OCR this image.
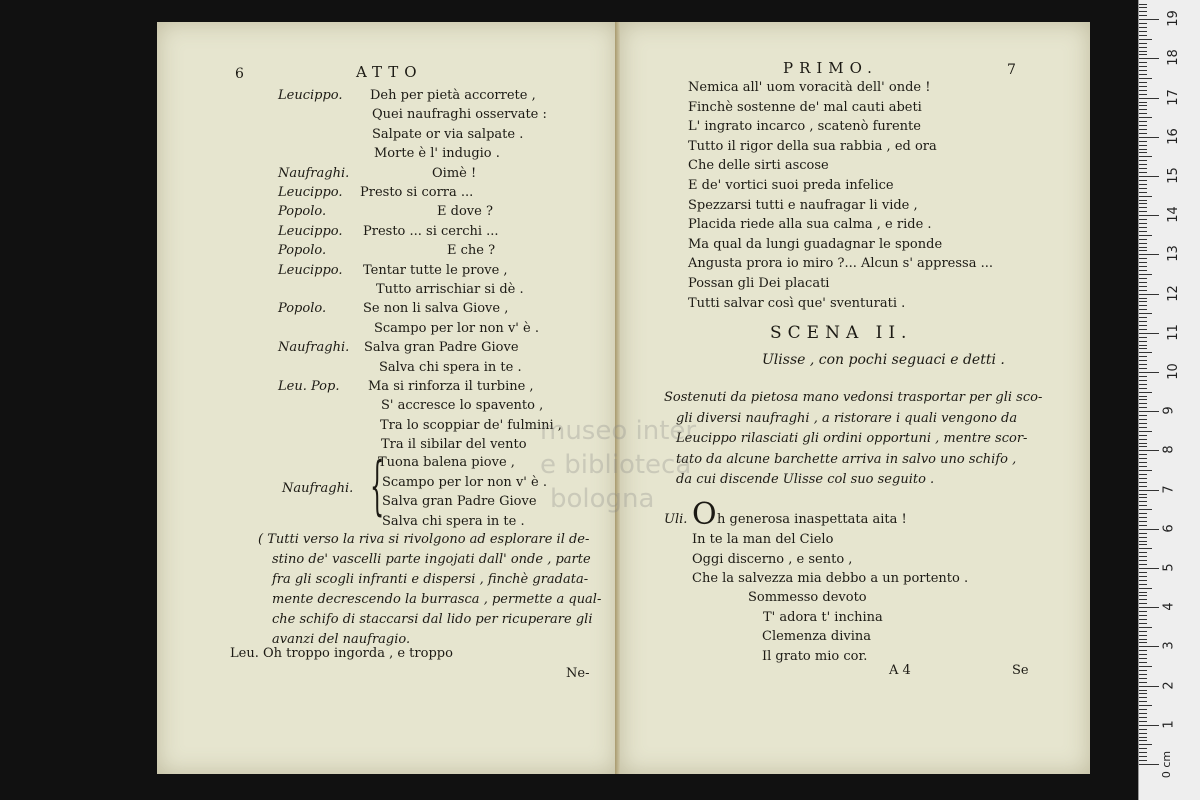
6	ATTO
Leucippo. Deh per pietà accorrete ,
Quei naufraghi osservate :
Salpate or via salpate .
Morte è l' indugio .
Naufraghi.	Oimè !
Leucippo. Presto si corra ...
Popolo.	E dove ?
Leucippo. Presto ... si cerchi ...
Popolo.	E che ?
Leucippo. Tentar tutte le prove ,
Tutto arrischiar si dè .
Popolo.	Se non li salva Giove ,
Scampo per lor non v' è .
Naufraghi. Salva gran Padre Giove
Salva chi spera in te .
Leu. Pop. Ma si rinforza il turbine ,
S' accresce lo spavento ,
Tra lo scoppiar de' fulmini ,
Tra il sibilar del vento
{
Tuona balena piove ,
Scampo per lor non v' è .
Salva gran Padre Giove
Salva chi spera in te .
Naufraghi.
( Tutti verso la riva si rivolgono ad esplorare il de-
stino de' vascelli parte ingojati dall' onde , parte
fra gli scogli infranti e dispersi , finchè gradata-
mente decrescendo la burrasca , permette a qual-
che schifo di staccarsi dal lido per ricuperare gli
avanzi del naufragio.
Leu. Oh troppo ingorda , e troppo
Ne-
PRIMO.	7
Nemica all' uom voracità dell' onde !
Finchè sostenne de' mal cauti abeti
L' ingrato incarco , scatenò furente
Tutto il rigor della sua rabbia , ed ora
Che delle sirti ascose
E de' vortici suoi preda infelice
Spezzarsi tutti e naufragar li vide ,
Placida riede alla sua calma , e ride .
Ma qual da lungi guadagnar le sponde
Angusta prora io miro ?... Alcun s' appressa ...
Possan gli Dei placati
Tutti salvar così que' sventurati .
SCENA II.
Ulisse , con pochi seguaci e detti .
Sostenuti da pietosa mano vedonsi trasportar per gli sco-
gli diversi naufraghi , a ristorare i quali vengono da
Leucippo rilasciati gli ordini opportuni , mentre scor-
tato da alcune barchette arriva in salvo uno schifo ,
da cui discende Ulisse col suo seguito .
Uli. O h generosa inaspettata aita !
In te la man del Cielo
Oggi discerno , e sento ,
Che la salvezza mia debbo a un portento .
Sommesso devoto
T' adora t' inchina
Clemenza divina
Il grato mio cor.
A 4	Se
museo inter
e biblioteca
bologna
0 cm
1
2
3
4
5
6
7
8
9
10
11
12
13
14
15
16
17
18
19
